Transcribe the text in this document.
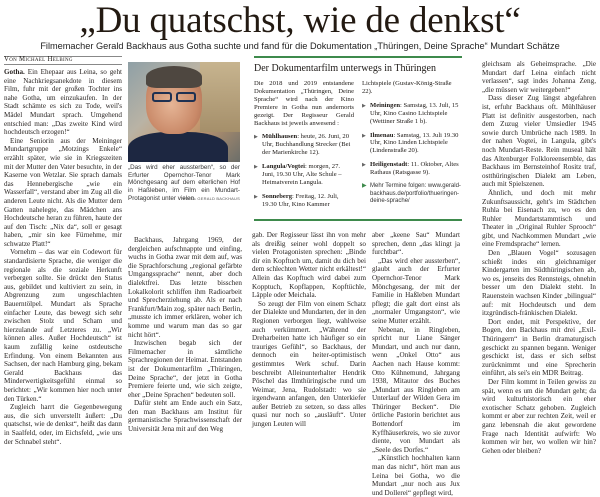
„Du quatschst, wie de denkst“
Filmemacher Gerald Backhaus aus Gotha suchte und fand für die Dokumentation „Thüringen, Deine Sprache“ Mundart Schätze
Von Michael Helbing

Gotha. Ein Ehepaar aus Leina, so geht eine Nachkriegsanekdote in diesem Film, fuhr mit der großen Tochter ins nahe Gotha, um einzukaufen. In der Stadt schämte es sich zu Tode, weil's Mädel Mundart sprach. Umgehend entschied man: „Das zweite Kind wird hochdeutsch erzogen!“

Eine Seniorin aus der Meininger Mundartgruppe „Motzings Enkele“ erzählt später, wie sie in Kriegszeiten mit der Mutter den Vater besuchte, in der Kaserne von Wetzlar. Sie sprach damals das Hennebergische „wie ein Wasserfall“, verstand aber im Zug all die anderen Leute nicht. Als die Mutter dem Gatten nahelegte, das Mädchen ans Hochdeutsche heran zu führen, haute der auf den Tisch: „Nix da“, soll er gesagt haben, „mir sin kee Fürnehme, mir schwatze Platt!“

Vornehm – das war ein Codewort für standardisierte Sprache, die weniger die regionale als die soziale Herkunft verbergen sollte. Sie drückt den Status aus, gebildet und kultiviert zu sein, in Abgrenzung zum ungeschlachten Bauerntölpel. Mundart als Sprache einfacher Leute, das bewegt sich sehr zwischen Stolz und Scham und hierzulande auf Letzteres zu. „Wir können alles. Außer Hochdeutsch“ ist kaum zufällig keine ostdeutsche Erfindung. Von einem Bekannten aus Sachsen, der nach Hamburg ging, bekam Gerald Backhaus das Minderwertigkeitsgefühl einmal so berichtet: „Wir kommen hier noch unter den Türken.“

Zugleich harrt die Gegenbewegung aus, die sich unverstellt äußert: „Du quatschst, wie de denkst“, heißt das dann in Saalfeld, oder, im Eichsfeld, „wie uns der Schnabel steht“.

„Das wird eher aussterben“, so der Erfurter Opernchor-Tenor Mark Mönchgesang auf dem elterlichen Hof in Haßleben, im Film ein Mundart-Protagonist unter vielen.
FOTO: GERALD BACKHAUS

Backhaus, Jahrgang 1969, der dergleichen aufschnappte und einfing, wuchs in Gotha zwar mit dem auf, was die Sprachforschung „regional gefärbte Umgangssprache“ nennt, aber doch dialektfrei. Das letzte bisschen Lokalkolorit schliffen ihm Radioarbeit und Sprecherziehung ab. Als er nach Frankfurt/Main zog, später nach Berlin, „musste ich immer erklären, woher ich komme und warum man das so gar nicht hört“.

Inzwischen begab sich der Filmemacher in sämtliche Sprachregionen der Heimat. Entstanden ist der Dokumentarfilm „Thüringen, Deine Sprache“, der jetzt in Gotha Premiere feierte und, wie sich zeigte, eher „Deine Sprachen“ bedeuten soll.

Dafür steht am Ende auch ein Satz, den man Backhaus am Institut für germanistische Sprachwissenschaft der Universität Jena mit auf den Weg

Der Dokumentarfilm unterwegs in Thüringen
Die 2018 und 2019 entstandene Dokumentation „Thüringen, Deine Sprache“ wird nach der Kino Premiere in Gotha nun andernorts gezeigt. Der Regisseur Gerald Backhaus ist jeweils anwesend :
▶ Mühlhausen: heute, 26. Juni, 20 Uhr, Buchhandlung Strecker (Bei der Marienkirche 12).
▶ Langula/Vogtei: morgen, 27. Juni, 19.30 Uhr, Alte Schule – Heimatverein Langula.
▶ Sonneberg: Freitag, 12. Juli, 19.30 Uhr, Kino Kammer
Lichtspiele (Gustav-König-Straße 22).
▶ Meiningen: Samstag, 13. Juli, 15 Uhr, Kino Casino Lichtspiele (Wettiner Straße 1 b).
▶ Ilmenau: Samstag, 13. Juli 19.30 Uhr, Kino Linden Lichtspiele (Lindenstraße 20).
▶ Heiligenstadt: 11. Oktober, Altes Rathaus (Ratsgasse 9).
▶ Mehr Termine folgen: www.gerald-backhaus.de/portfolio/thueringen-deine-sprache/

gab. Der Regisseur lässt ihn von mehr als dreißig seiner wohl doppelt so vielen Protagonisten sprechen: „Binde dir ein Kopftuch um, damit du dich bei dem schlechten Wetter nicht erkältest!“ Allein das Kopftuch wird dabei zum Kopptuch, Kopflappen, Kopftüchle, Läpple oder Meichala.

So zeugt der Film von einem Schatz der Dialekte und Mundarten, der in den Regionen verborgen liegt, wahlweise auch verkümmert. „Während der Dreharbeiten hatte ich häufiger so ein trauriges Gefühl“, so Backhaus, der dennoch ein heiter-optimistisch gestimmtes Werk schuf. Darin beschreibt Alleinunterhalter Hendrik Pöschel das Ilmthüringische rund um Weimar, Jena, Rudolstadt: wo sie irgendwann anfangen, den Unterkiefer außer Betrieb zu setzen, so dass alles quasi nur noch so „ausläuft“. Unter jungen Leuten will

aber „keene Sau“ Mundart sprechen, denn „das klingt ja furchtbar“.

„Das wird eher aussterben“, glaubt auch der Erfurter Opernchor-Tenor Mark Mönchgesang, der mit der Familie in Haßleben Mundart pflegt; die galt dort einst als „normaler Umgangston“, wie seine Mutter erzählt.

Nebenan, in Ringleben, spricht nur Liane Sänger Mundart, und auch nur dann, wenn „Onkel Otto“ aus Aachen nach Hause kommt: Otto Kühnemund, Jahrgang 1938, Mitautor des Buches „Mundart aus Ringleben am Unterlauf der Wilden Gera im Thüringer Becken“. Die örtliche Pastorin berichtet aus Bottendorf im Kyffhäuserkreis, wo sie zuvor diente, von Mundart als „Seele des Dorfes.“

„Künstlich hochhalten kann man das nicht“, hört man aus Leina bei Gotha, wo die Mundart „nur noch aus Jux und Dollerei“ gepflegt wird,

gleichsam als Geheimsprache. „Die Mundart darf Leina einfach nicht verlassen“, sagt indes Johanna Zeng, „die müssen wir weitergeben!“

Dass dieser Zug längst abgefahren ist, erfuhr Backhaus oft. Mühlhäuser Platt ist definitiv ausgestorben, nach dem Zuzug vieler Umsiedler 1945 sowie durch Umbrüche nach 1989. In der nahen Vogtei, in Langula, gibt's noch Mundart-Reste. Rein museal hält das Altenburger Folkloreensemble, das Backhaus im Bernsteinhof Rositz traf, ostthüringischen Dialekt am Leben, auch mit Spielszenen.

Ähnlich, und doch mit mehr Zukunftsaussicht, geht's im Städtchen Ruhla bei Eisenach zu, wo es den Ruhler Mundartstammtisch und Theater in „Original Ruhler Sprooch“ gibt, und Nachkommen Mundart „wie eine Fremdsprache“ lernen.

Den „Blauen Vogel“ sozusagen schießt indes ein gleichnamiger Kindergarten im Südthüringischen ab, wo es, jenseits des Rennsteigs, ohnehin besser um den Dialekt steht. In Rauenstein wachsen Kinder „bilingual“ auf: mit Hochdeutsch und dem itzgründisch-fränkischen Dialekt.

Dort endet, mit Perspektive, der Bogen, den Backhaus mit drei „Exil-Thüringern“ in Berlin dramaturgisch geschickt zu spannen begann. Weniger geschickt ist, dass er sich selbst zurücknimmt und eine Sprecherin einführt, als sei's ein MDR Beitrag.

Der Film kommt in Teilen gewiss zu spät, wenn es um die Mundart geht; da wird kulturhistorisch ein eher exotischer Schatz gehoben. Zugleich kommt er aber zur rechten Zeit, weil er ganz lebensnah die akut gewordene Frage nach Identität aufwirft: Wo kommen wir her, wo wollen wir hin? Gehen oder bleiben?
